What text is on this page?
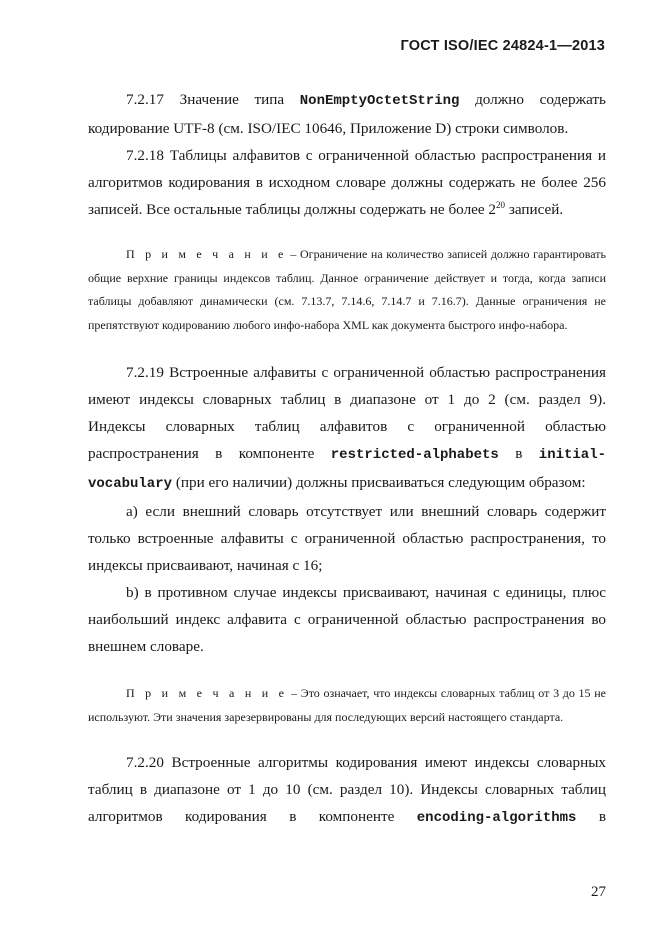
ГОСТ ISO/IEC 24824-1—2013

7.2.17 Значение типа NonEmptyOctetString должно содержать кодирование UTF-8 (см. ISO/IEC 10646, Приложение D) строки символов.

7.2.18 Таблицы алфавитов с ограниченной областью распространения и алгоритмов кодирования в исходном словаре должны содержать не более 256 записей. Все остальные таблицы должны содержать не более $2^{20}$ записей.

П р и м е ч а н и е – Ограничение на количество записей должно гарантировать общие верхние границы индексов таблиц. Данное ограничение действует и тогда, когда записи таблицы добавляют динамически (см. 7.13.7, 7.14.6, 7.14.7 и 7.16.7). Данные ограничения не препятствуют кодированию любого инфо-набора XML как документа быстрого инфо-набора.

7.2.19 Встроенные алфавиты с ограниченной областью распространения имеют индексы словарных таблиц в диапазоне от 1 до 2 (см. раздел 9). Индексы словарных таблиц алфавитов с ограниченной областью распространения в компоненте restricted-alphabets в initial-vocabulary (при его наличии) должны присваиваться следующим образом:

a) если внешний словарь отсутствует или внешний словарь содержит только встроенные алфавиты с ограниченной областью распространения, то индексы присваивают, начиная с 16;

b) в противном случае индексы присваивают, начиная с единицы, плюс наибольший индекс алфавита с ограниченной областью распространения во внешнем словаре.

П р и м е ч а н и е – Это означает, что индексы словарных таблиц от 3 до 15 не используют. Эти значения зарезервированы для последующих версий настоящего стандарта.

7.2.20 Встроенные алгоритмы кодирования имеют индексы словарных таблиц в диапазоне от 1 до 10 (см. раздел 10). Индексы словарных таблиц алгоритмов кодирования в компоненте encoding-algorithms в

27
